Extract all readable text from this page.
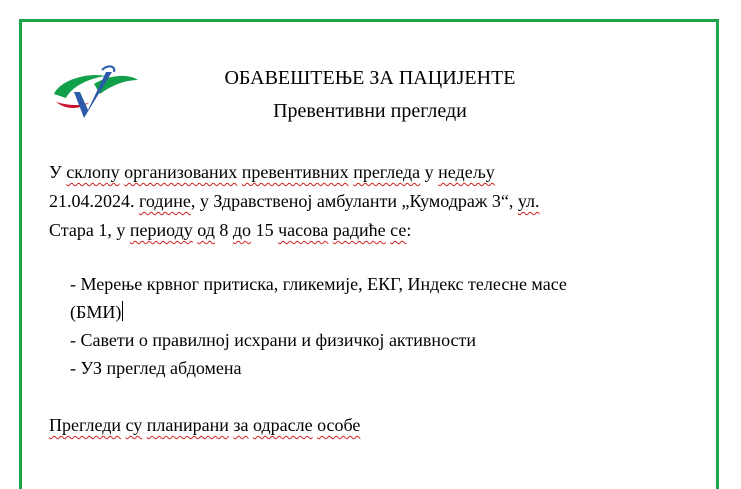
ОБАВЕШТЕЊЕ ЗА ПАЦИЈЕНТЕ
Превентивни прегледи
У склопу организованих превентивних прегледа у недељу
21.04.2024. године, у Здравственој амбуланти „Кумодраж 3“, ул.
Стара 1, у периоду од 8 до 15 часова радиће се:
- Мерење крвног притиска, гликемије, ЕКГ, Индекс телесне масе
(БМИ)
- Савети о правилној исхрани и физичкој активности
- УЗ преглед абдомена
Прегледи су планирани за одрасле особе
